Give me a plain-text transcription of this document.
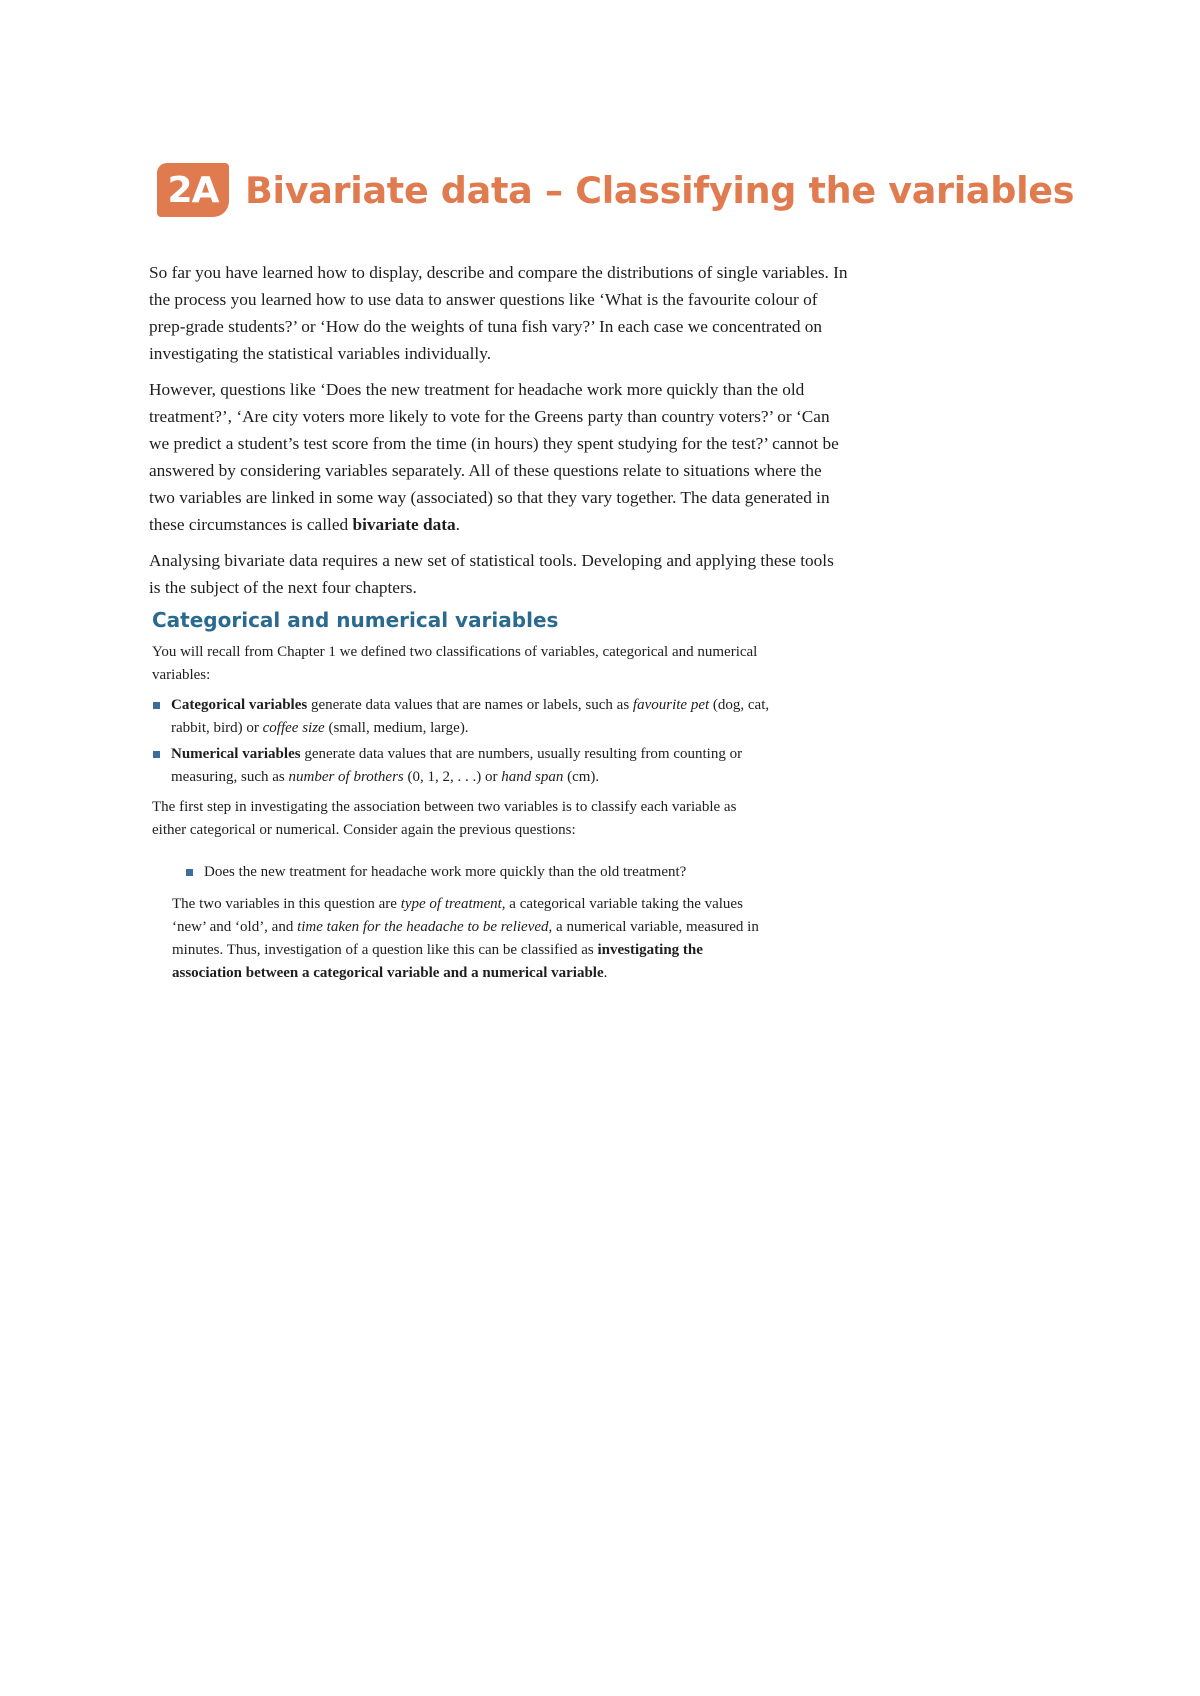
2A Bivariate data – Classifying the variables

So far you have learned how to display, describe and compare the distributions of single variables. In the process you learned how to use data to answer questions like ‘What is the favourite colour of prep-grade students?’ or ‘How do the weights of tuna fish vary?’ In each case we concentrated on investigating the statistical variables individually.

However, questions like ‘Does the new treatment for headache work more quickly than the old treatment?’, ‘Are city voters more likely to vote for the Greens party than country voters?’ or ‘Can we predict a student’s test score from the time (in hours) they spent studying for the test?’ cannot be answered by considering variables separately. All of these questions relate to situations where the two variables are linked in some way (associated) so that they vary together. The data generated in these circumstances is called bivariate data.

Analysing bivariate data requires a new set of statistical tools. Developing and applying these tools is the subject of the next four chapters.

Categorical and numerical variables

You will recall from Chapter 1 we defined two classifications of variables, categorical and numerical variables:

Categorical variables generate data values that are names or labels, such as favourite pet (dog, cat, rabbit, bird) or coffee size (small, medium, large).
Numerical variables generate data values that are numbers, usually resulting from counting or measuring, such as number of brothers (0, 1, 2, . . .) or hand span (cm).

The first step in investigating the association between two variables is to classify each variable as either categorical or numerical. Consider again the previous questions:

Does the new treatment for headache work more quickly than the old treatment?

The two variables in this question are type of treatment, a categorical variable taking the values ‘new’ and ‘old’, and time taken for the headache to be relieved, a numerical variable, measured in minutes. Thus, investigation of a question like this can be classified as investigating the association between a categorical variable and a numerical variable.
